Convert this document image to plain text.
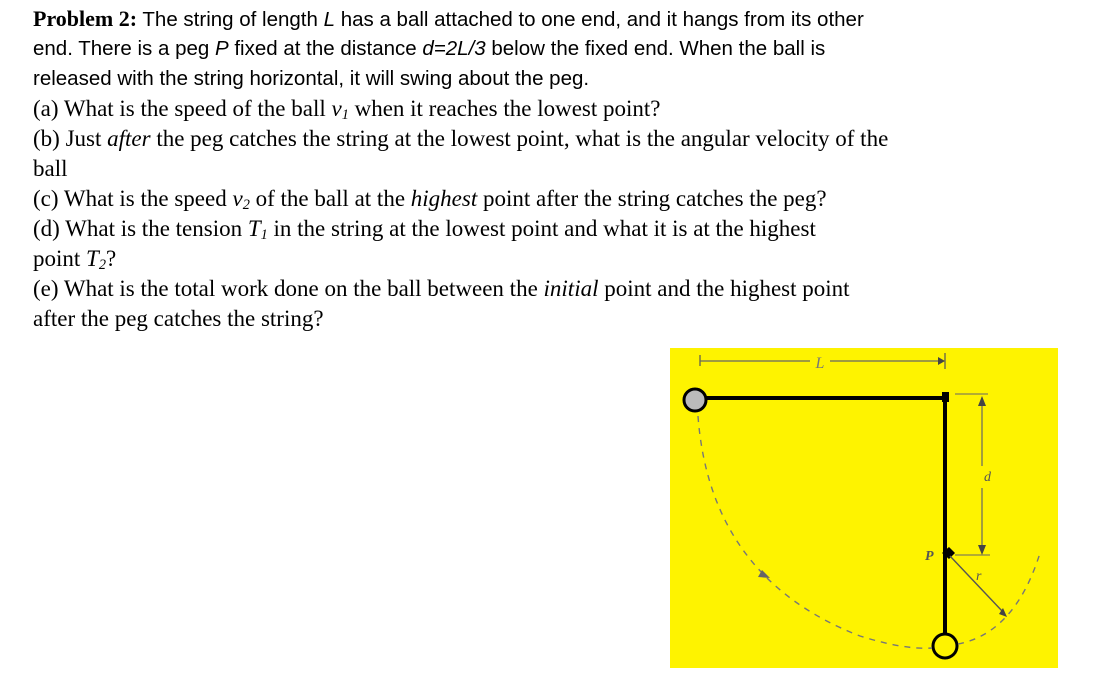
Problem 2: The string of length L has a ball attached to one end, and it hangs from its other

end. There is a peg P fixed at the distance d=2L/3 below the fixed end. When the ball is

released with the string horizontal, it will swing about the peg.

(a) What is the speed of the ball $v_1$ when it reaches the lowest point?

(b) Just after the peg catches the string at the lowest point, what is the angular velocity of the

ball

(c) What is the speed $v_2$ of the ball at the highest point after the string catches the peg?

(d) What is the tension $T_1$ in the string at the lowest point and what it is at the highest

point $T_2$?

(e) What is the total work done on the ball between the initial point and the highest point

after the peg catches the string?

L
d
P
r
